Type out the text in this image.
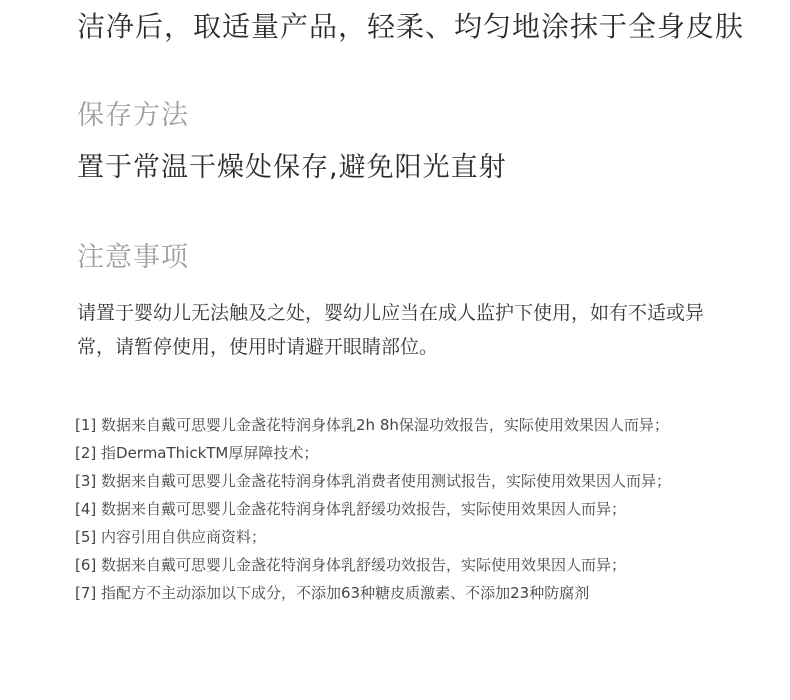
洁净后，取适量产品，轻柔、均匀地涂抹于全身皮肤
保存方法
置于常温干燥处保存,避免阳光直射
注意事项
请置于婴幼儿无法触及之处，婴幼儿应当在成人监护下使用，如有不适或异常，请暂停使用，使用时请避开眼睛部位。
[1] 数据来自戴可思婴儿金盏花特润身体乳2h 8h保湿功效报告，实际使用效果因人而异；
[2] 指DermaThickTM厚屏障技术；
[3] 数据来自戴可思婴儿金盏花特润身体乳消费者使用测试报告，实际使用效果因人而异；
[4] 数据来自戴可思婴儿金盏花特润身体乳舒缓功效报告，实际使用效果因人而异；
[5] 内容引用自供应商资料；
[6] 数据来自戴可思婴儿金盏花特润身体乳舒缓功效报告，实际使用效果因人而异；
[7] 指配方不主动添加以下成分，不添加63种糖皮质激素、不添加23种防腐剂
